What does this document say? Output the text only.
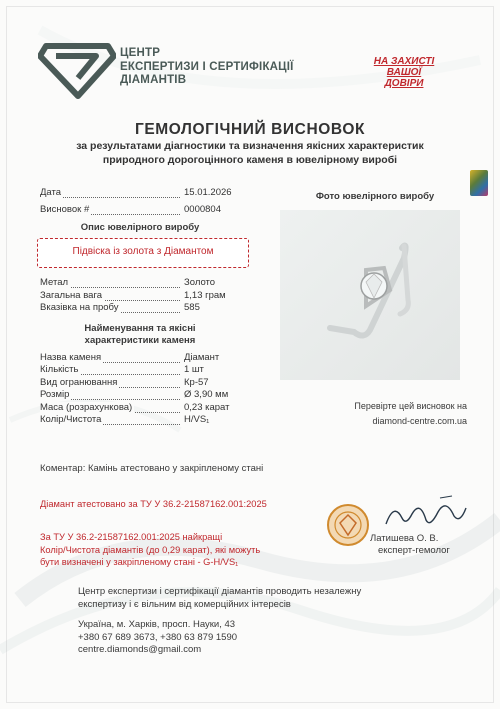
ЦЕНТР
ЕКСПЕРТИЗИ І СЕРТИФІКАЦІЇ
ДІАМАНТІВ
НА ЗАХИСТІ
ВАШОЇ
ДОВІРИ
ГЕМОЛОГІЧНИЙ ВИСНОВОК
за результатами діагностики та визначення якісних характеристик
природного дорогоцінного каменя в ювелірному виробі
Дата	15.01.2026
Висновок #	0000804
Опис ювелірного виробу
Підвіска із золота з Діамантом
Метал	Золото
Загальна вага	1,13 грам
Вказівка на пробу	585
Найменування та якісні
характеристики каменя
Назва каменя	Діамант
Кількість	1 шт
Вид огранювання	Кр-57
Розмір	Ø 3,90 мм
Маса (розрахункова)	0,23 карат
Колір/Чистота	H/VS₁
Фото ювелірного виробу
Перевірте цей висновок на
diamond-centre.com.ua
Коментар: Камінь атестовано у закріпленому стані
Діамант атестовано за ТУ У 36.2-21587162.001:2025
За ТУ У 36.2-21587162.001:2025 найкращі
Колір/Чистота діамантів (до 0,29 карат), які можуть
бути визначені у закріпленому стані - G-H/VS₁
Латишева О. В.
експерт-гемолог
Центр експертизи і сертифікації діамантів проводить незалежну
експертизу і є вільним від комерційних інтересів
Україна, м. Харків, просп. Науки, 43
+380 67 689 3673, +380 63 879 1590
centre.diamonds@gmail.com
